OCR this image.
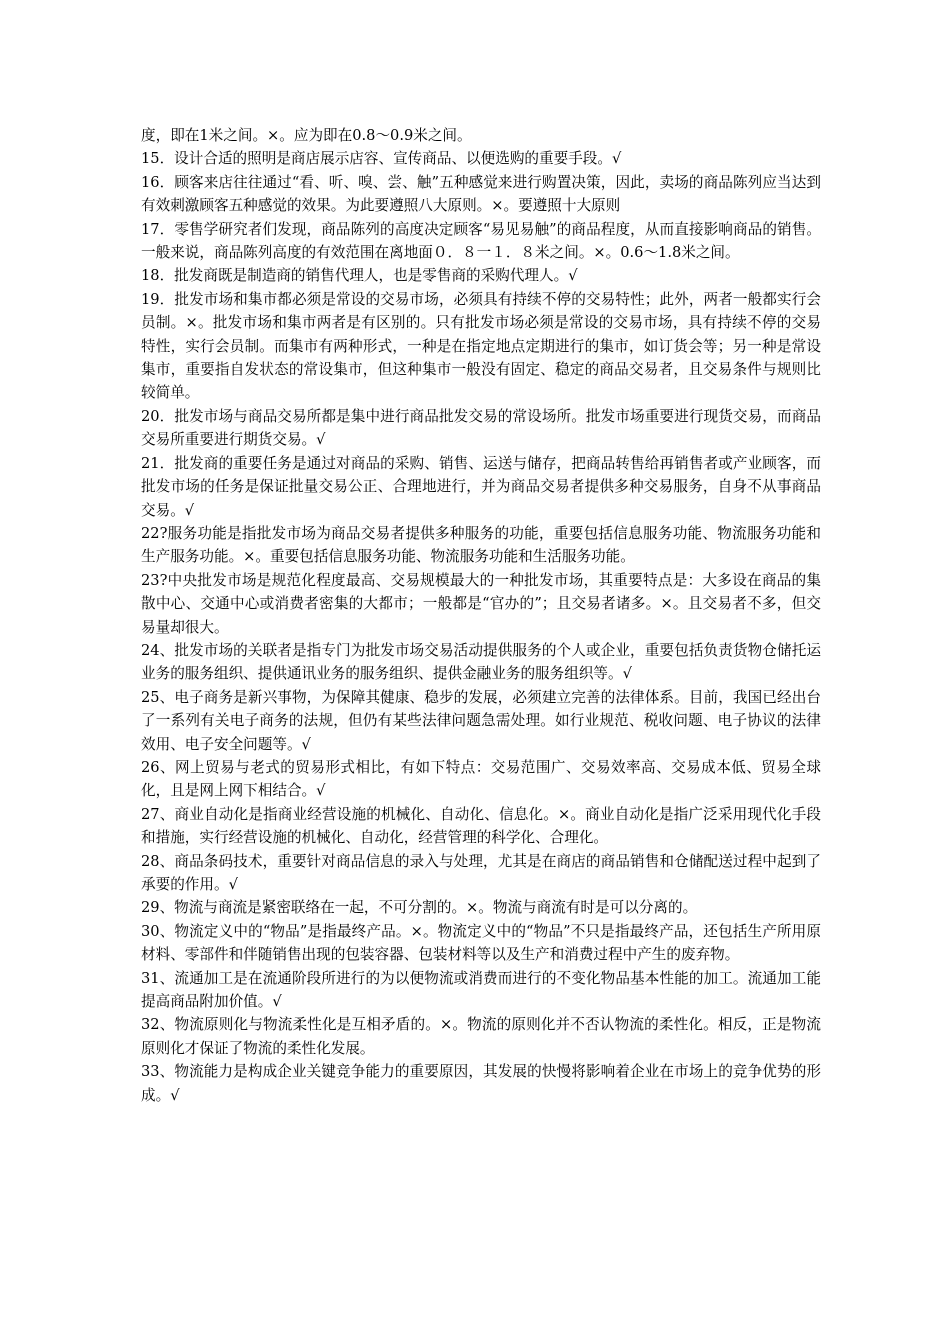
度，即在1米之间。×。应为即在0.8～0.9米之间。

15．设计合适的照明是商店展示店容、宣传商品、以便选购的重要手段。√

16．顾客来店往往通过“看、听、嗅、尝、触”五种感觉来进行购置决策，因此，卖场的商品陈列应当达到有效刺激顾客五种感觉的效果。为此要遵照八大原则。×。要遵照十大原则

17．零售学研究者们发现，商品陈列的高度决定顾客“易见易触”的商品程度，从而直接影响商品的销售。一般来说，商品陈列高度的有效范围在离地面０．８一１．８米之间。×。0.6～1.8米之间。

18．批发商既是制造商的销售代理人，也是零售商的采购代理人。√

19．批发市场和集市都必须是常设的交易市场，必须具有持续不停的交易特性；此外，两者一般都实行会员制。×。批发市场和集市两者是有区别的。只有批发市场必须是常设的交易市场，具有持续不停的交易特性，实行会员制。而集市有两种形式，一种是在指定地点定期进行的集市，如订货会等；另一种是常设集市，重要指自发状态的常设集市，但这种集市一般没有固定、稳定的商品交易者，且交易条件与规则比较简单。

20．批发市场与商品交易所都是集中进行商品批发交易的常设场所。批发市场重要进行现货交易，而商品交易所重要进行期货交易。√

21．批发商的重要任务是通过对商品的采购、销售、运送与储存，把商品转售给再销售者或产业顾客，而批发市场的任务是保证批量交易公正、合理地进行，并为商品交易者提供多种交易服务，自身不从事商品交易。√

22?服务功能是指批发市场为商品交易者提供多种服务的功能，重要包括信息服务功能、物流服务功能和生产服务功能。×。重要包括信息服务功能、物流服务功能和生活服务功能。

23?中央批发市场是规范化程度最高、交易规模最大的一种批发市场，其重要特点是：大多设在商品的集散中心、交通中心或消费者密集的大都市；一般都是“官办的”；且交易者诸多。×。且交易者不多，但交易量却很大。

24、批发市场的关联者是指专门为批发市场交易活动提供服务的个人或企业，重要包括负责货物仓储托运业务的服务组织、提供通讯业务的服务组织、提供金融业务的服务组织等。√

25、电子商务是新兴事物，为保障其健康、稳步的发展，必须建立完善的法律体系。目前，我国已经出台了一系列有关电子商务的法规，但仍有某些法律问题急需处理。如行业规范、税收问题、电子协议的法律效用、电子安全问题等。√

26、网上贸易与老式的贸易形式相比，有如下特点：交易范围广、交易效率高、交易成本低、贸易全球化，且是网上网下相结合。√

27、商业自动化是指商业经营设施的机械化、自动化、信息化。×。商业自动化是指广泛采用现代化手段和措施，实行经营设施的机械化、自动化，经营管理的科学化、合理化。

28、商品条码技术，重要针对商品信息的录入与处理，尤其是在商店的商品销售和仓储配送过程中起到了承要的作用。√

29、物流与商流是紧密联络在一起，不可分割的。×。物流与商流有时是可以分离的。

30、物流定义中的“物品”是指最终产品。×。物流定义中的“物品”不只是指最终产品，还包括生产所用原材料、零部件和伴随销售出现的包装容器、包装材料等以及生产和消费过程中产生的废弃物。

31、流通加工是在流通阶段所进行的为以便物流或消费而进行的不变化物品基本性能的加工。流通加工能提高商品附加价值。√

32、物流原则化与物流柔性化是互相矛盾的。×。物流的原则化并不否认物流的柔性化。相反，正是物流原则化才保证了物流的柔性化发展。

33、物流能力是构成企业关键竞争能力的重要原因，其发展的快慢将影响着企业在市场上的竞争优势的形成。√
